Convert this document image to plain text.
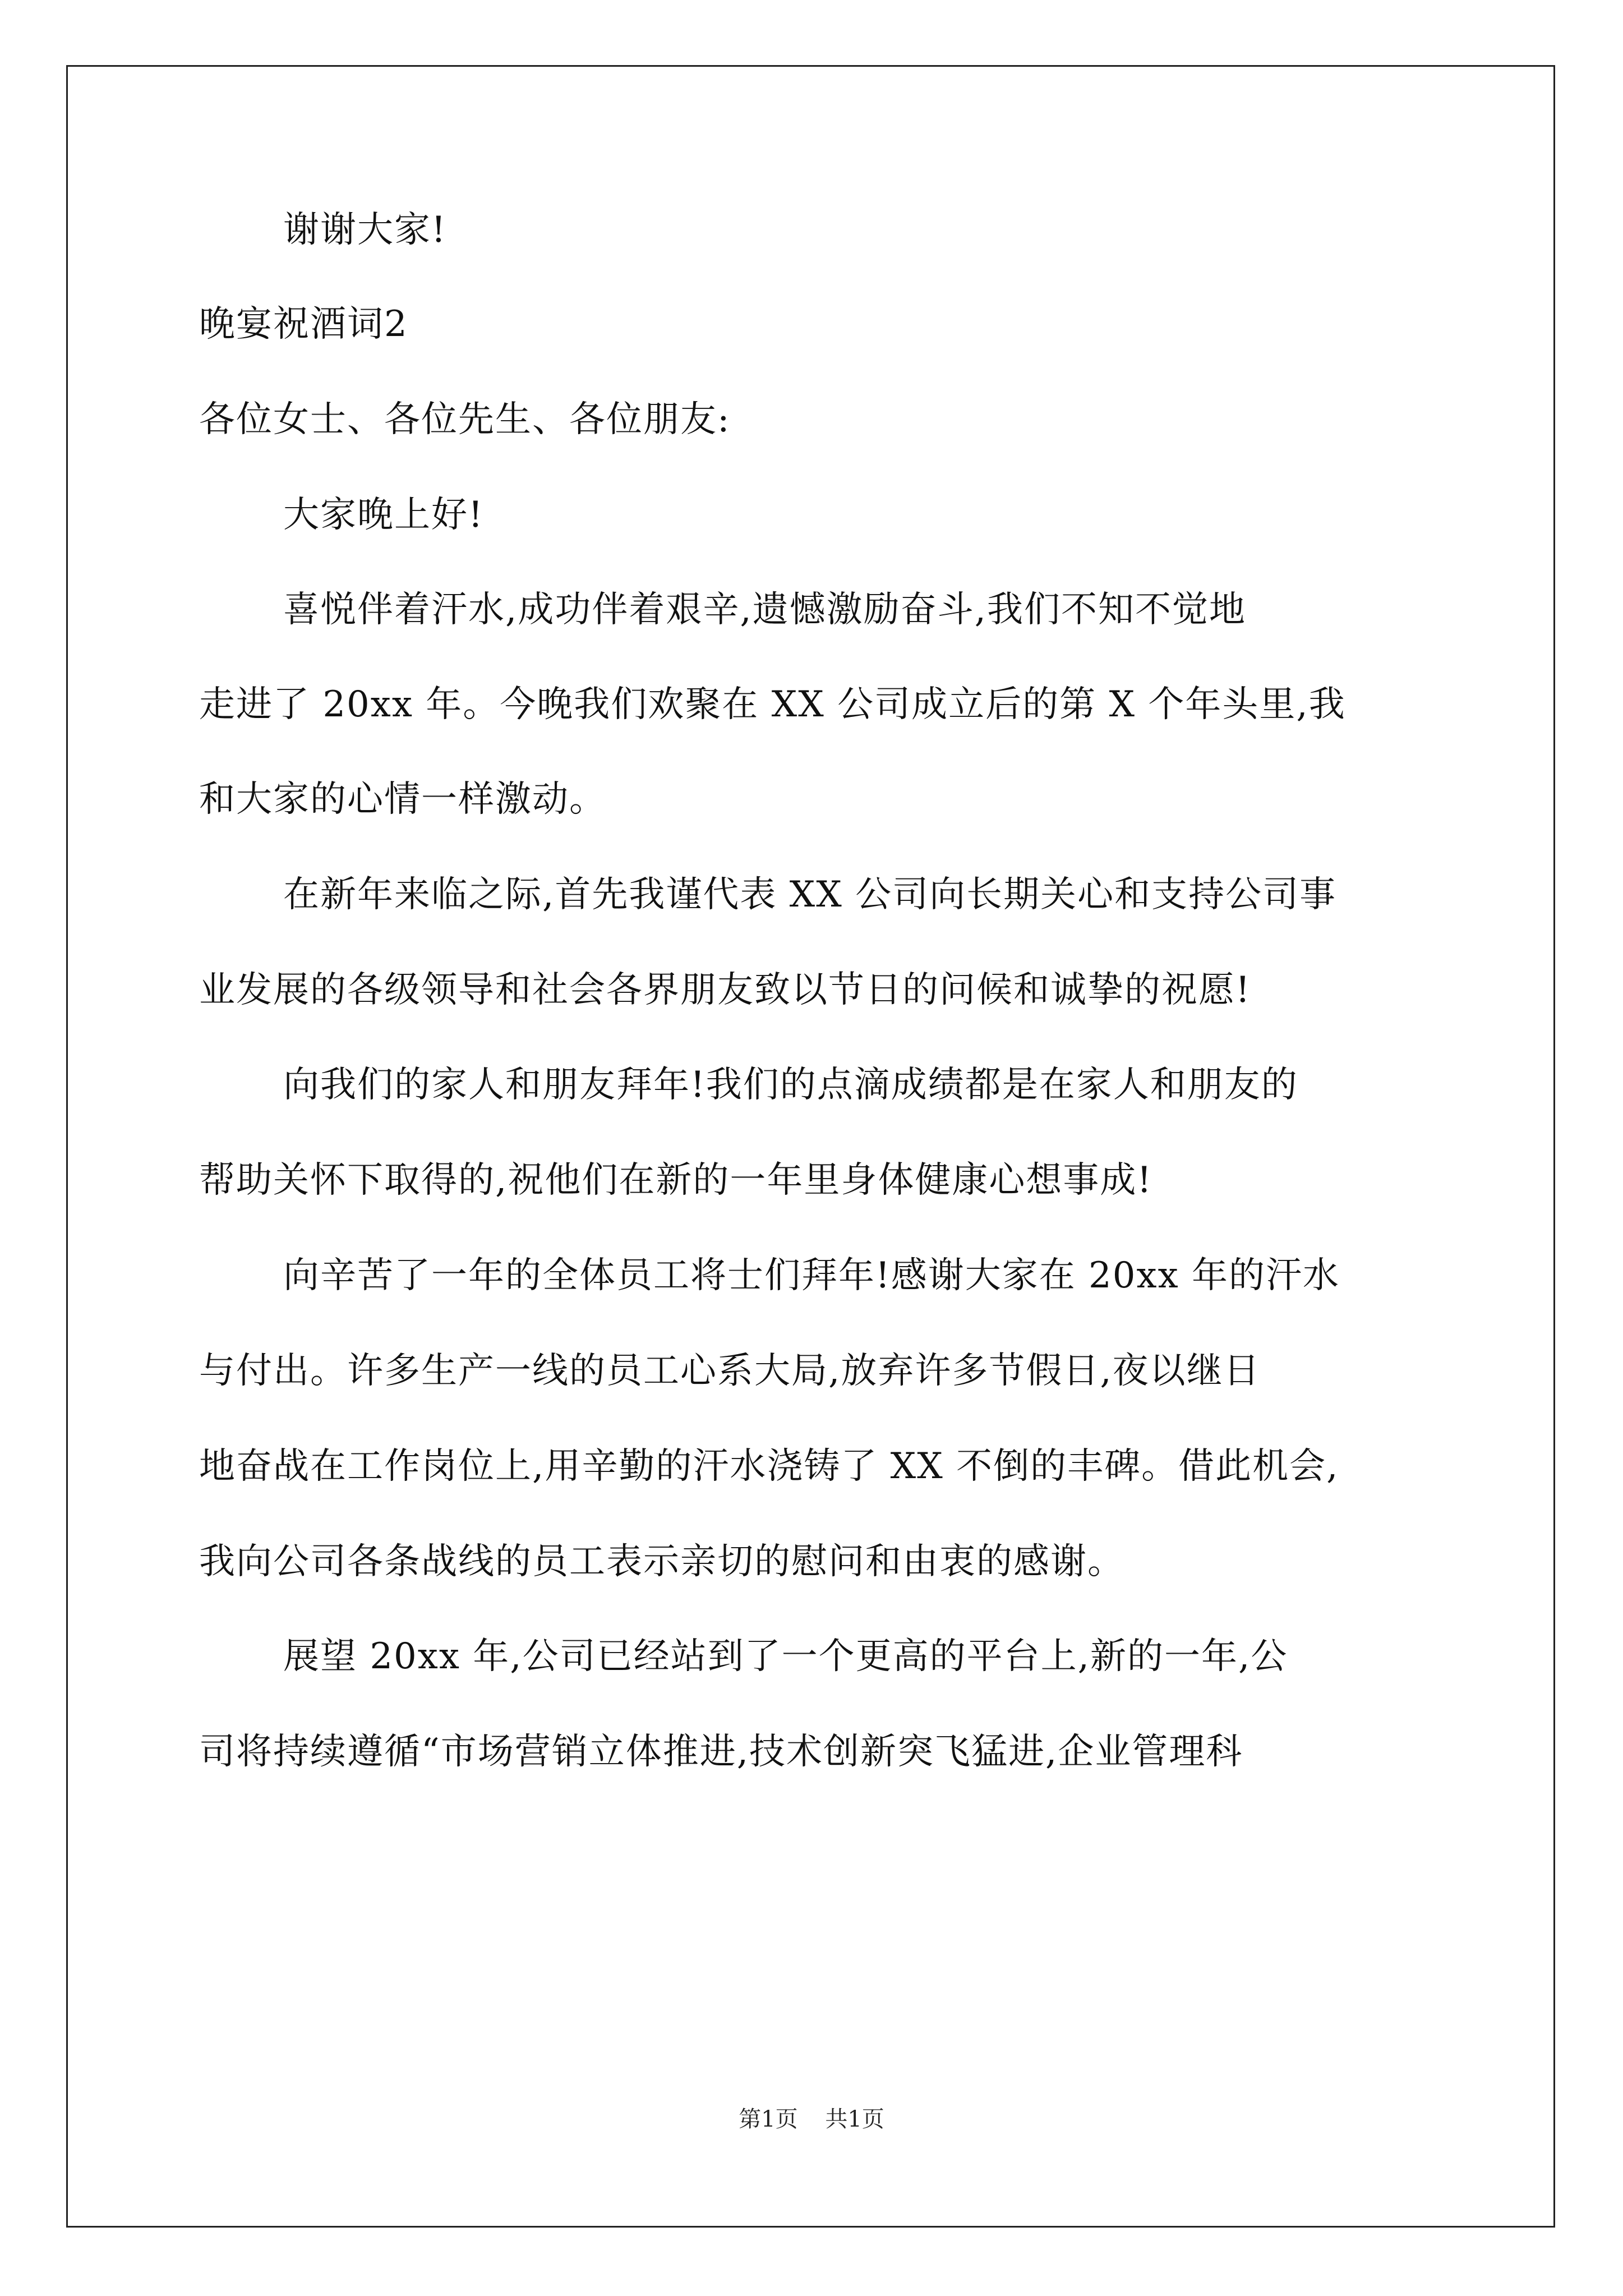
谢谢大家!
晚宴祝酒词2
各位女士、各位先生、各位朋友:
大家晚上好!
喜悦伴着汗水,成功伴着艰辛,遗憾激励奋斗,我们不知不觉地
走进了 20xx 年。今晚我们欢聚在 XX 公司成立后的第 X 个年头里,我
和大家的心情一样激动。
在新年来临之际,首先我谨代表 XX 公司向长期关心和支持公司事
业发展的各级领导和社会各界朋友致以节日的问候和诚挚的祝愿!
向我们的家人和朋友拜年!我们的点滴成绩都是在家人和朋友的
帮助关怀下取得的,祝他们在新的一年里身体健康心想事成!
向辛苦了一年的全体员工将士们拜年!感谢大家在 20xx 年的汗水
与付出。许多生产一线的员工心系大局,放弃许多节假日,夜以继日
地奋战在工作岗位上,用辛勤的汗水浇铸了 XX 不倒的丰碑。借此机会,
我向公司各条战线的员工表示亲切的慰问和由衷的感谢。
展望 20xx 年,公司已经站到了一个更高的平台上,新的一年,公
司将持续遵循“市场营销立体推进,技术创新突飞猛进,企业管理科
第1页 共1页
